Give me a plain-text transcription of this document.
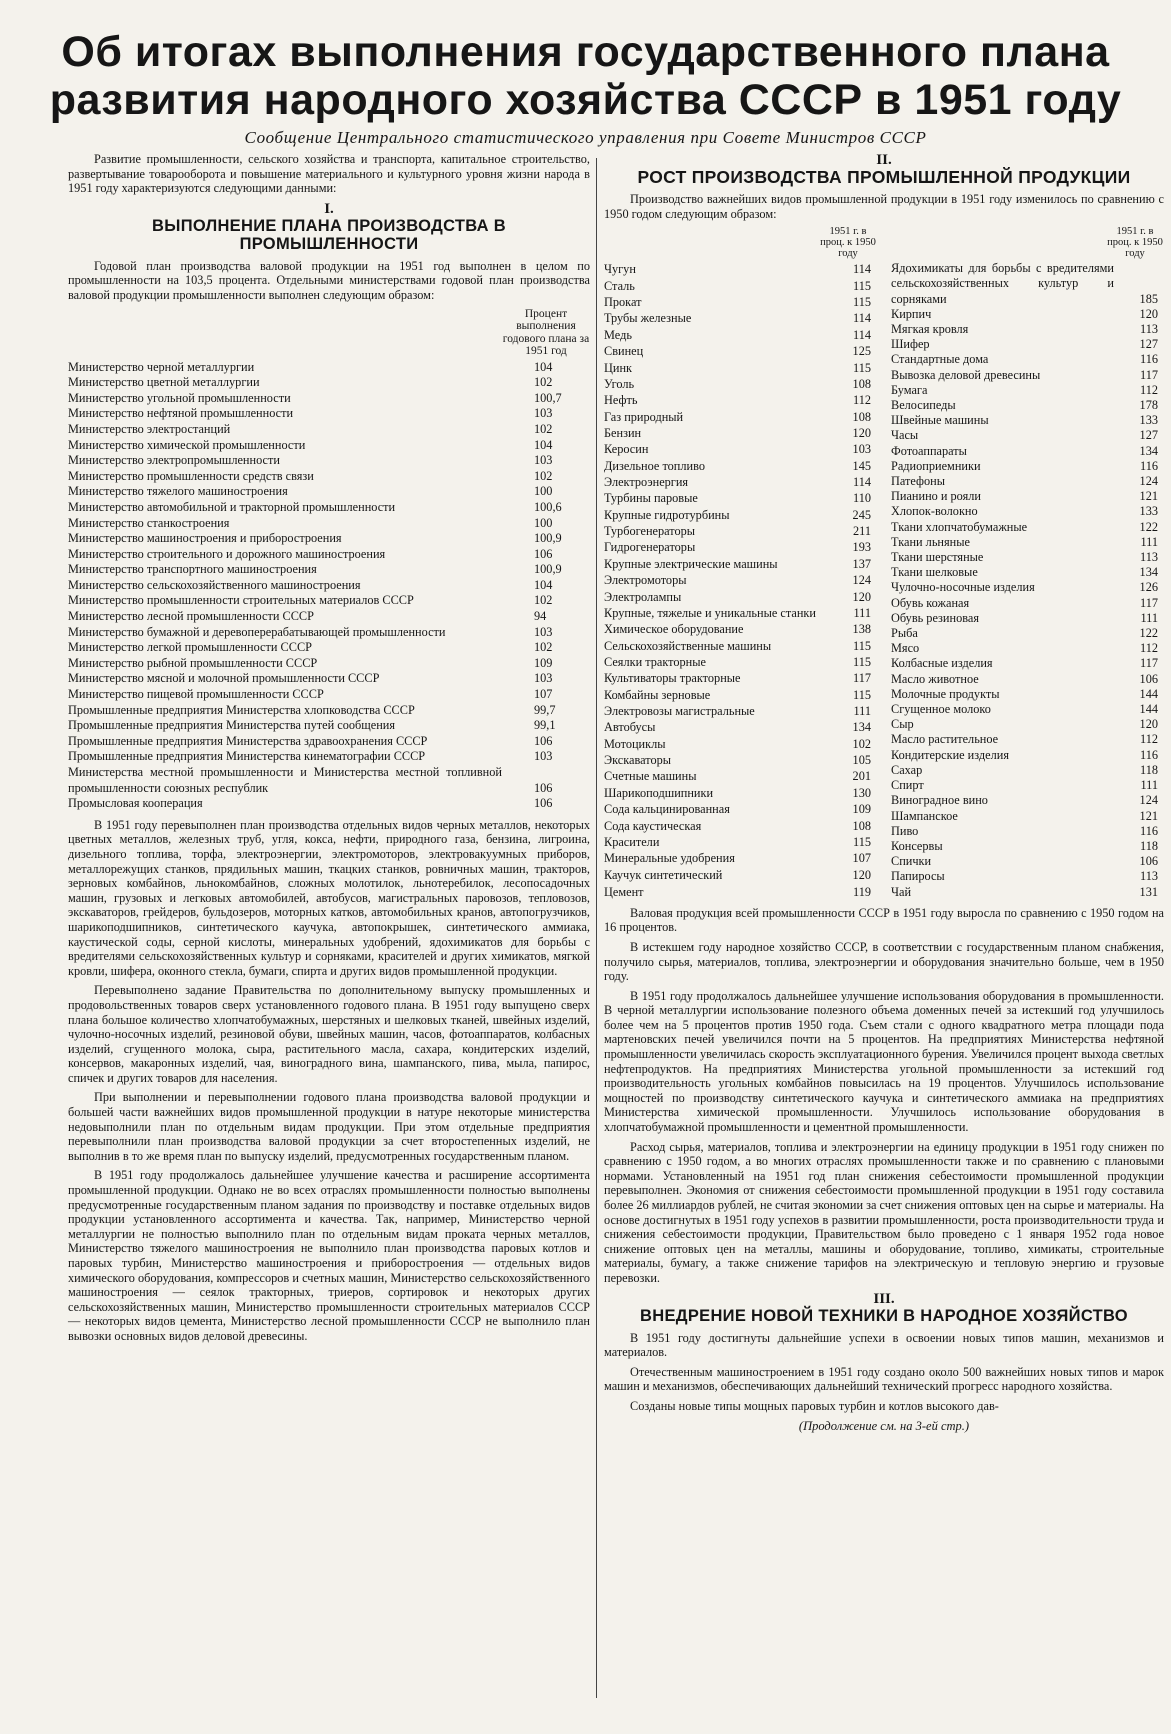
Об итогах выполнения государственного плана
развития народного хозяйства СССР в 1951 году
Сообщение Центрального статистического управления при Совете Министров СССР

Развитие промышленности, сельского хозяйства и транспорта, капитальное строительство, развертывание товарооборота и повышение материального и культурного уровня жизни народа в 1951 году характеризуются следующими данными:

I.
ВЫПОЛНЕНИЕ ПЛАНА ПРОИЗВОДСТВА В ПРОМЫШЛЕННОСТИ

Годовой план производства валовой продукции на 1951 год выполнен в целом по промышленности на 103,5 процента. Отдельными министерствами годовой план производства валовой продукции промышленности выполнен следующим образом:

Процент выполнения годового плана за 1951 год
Министерство черной металлургии	104
Министерство цветной металлургии	102
Министерство угольной промышленности	100,7
Министерство нефтяной промышленности	103
Министерство электростанций	102
Министерство химической промышленности	104
Министерство электропромышленности	103
Министерство промышленности средств связи	102
Министерство тяжелого машиностроения	100
Министерство автомобильной и тракторной промышленности	100,6
Министерство станкостроения	100
Министерство машиностроения и приборостроения	100,9
Министерство строительного и дорожного машиностроения	106
Министерство транспортного машиностроения	100,9
Министерство сельскохозяйственного машиностроения	104
Министерство промышленности строительных материалов СССР	102
Министерство лесной промышленности СССР	94
Министерство бумажной и деревоперерабатывающей промышленности	103
Министерство легкой промышленности СССР	102
Министерство рыбной промышленности СССР	109
Министерство мясной и молочной промышленности СССР	103
Министерство пищевой промышленности СССР	107
Промышленные предприятия Министерства хлопководства СССР	99,7
Промышленные предприятия Министерства путей сообщения	99,1
Промышленные предприятия Министерства здравоохранения СССР	106
Промышленные предприятия Министерства кинематографии СССР	103
Министерства местной промышленности и Министерства местной топливной промышленности союзных республик	106
Промысловая кооперация	106

В 1951 году перевыполнен план производства отдельных видов черных металлов, некоторых цветных металлов, железных труб, угля, кокса, нефти, природного газа, бензина, лигроина, дизельного топлива, торфа, электроэнергии, электромоторов, электровакуумных приборов, металлорежущих станков, прядильных машин, ткацких станков, ровничных машин, тракторов, зерновых комбайнов, льнокомбайнов, сложных молотилок, льнотеребилок, лесопосадочных машин, грузовых и легковых автомобилей, автобусов, магистральных паровозов, тепловозов, экскаваторов, грейдеров, бульдозеров, моторных катков, автомобильных кранов, автопогрузчиков, шарикоподшипников, синтетического каучука, автопокрышек, синтетического аммиака, каустической соды, серной кислоты, минеральных удобрений, ядохимикатов для борьбы с вредителями сельскохозяйственных культур и сорняками, красителей и других химикатов, мягкой кровли, шифера, оконного стекла, бумаги, спирта и других видов промышленной продукции.

Перевыполнено задание Правительства по дополнительному выпуску промышленных и продовольственных товаров сверх установленного годового плана. В 1951 году выпущено сверх плана большое количество хлопчатобумажных, шерстяных и шелковых тканей, швейных изделий, чулочно-носочных изделий, резиновой обуви, швейных машин, часов, фотоаппаратов, колбасных изделий, сгущенного молока, сыра, растительного масла, сахара, кондитерских изделий, консервов, макаронных изделий, чая, виноградного вина, шампанского, пива, мыла, папирос, спичек и других товаров для населения.

При выполнении и перевыполнении годового плана производства валовой продукции и большей части важнейших видов промышленной продукции в натуре некоторые министерства недовыполнили план по отдельным видам продукции. При этом отдельные предприятия перевыполнили план производства валовой продукции за счет второстепенных изделий, не выполнив в то же время план по выпуску изделий, предусмотренных государственным планом.

В 1951 году продолжалось дальнейшее улучшение качества и расширение ассортимента промышленной продукции. Однако не во всех отраслях промышленности полностью выполнены предусмотренные государственным планом задания по производству и поставке отдельных видов продукции установленного ассортимента и качества. Так, например, Министерство черной металлургии не полностью выполнило план по отдельным видам проката черных металлов, Министерство тяжелого машиностроения не выполнило план производства паровых котлов и паровых турбин, Министерство машиностроения и приборостроения — отдельных видов химического оборудования, компрессоров и счетных машин, Министерство сельскохозяйственного машиностроения — сеялок тракторных, триеров, сортировок и некоторых других сельскохозяйственных машин, Министерство промышленности строительных материалов СССР — некоторых видов цемента, Министерство лесной промышленности СССР не выполнило план вывозки основных видов деловой древесины.

II.
РОСТ ПРОИЗВОДСТВА ПРОМЫШЛЕННОЙ ПРОДУКЦИИ

Производство важнейших видов промышленной продукции в 1951 году изменилось по сравнению с 1950 годом следующим образом:

1951 г. в проц. к 1950 году
1951 г. в проц. к 1950 году
Чугун	114
Сталь	115
Прокат	115
Трубы железные	114
Медь	114
Свинец	125
Цинк	115
Уголь	108
Нефть	112
Газ природный	108
Бензин	120
Керосин	103
Дизельное топливо	145
Электроэнергия	114
Турбины паровые	110
Крупные гидротурбины	245
Турбогенераторы	211
Гидрогенераторы	193
Крупные электрические машины	137
Электромоторы	124
Электролампы	120
Крупные, тяжелые и уникальные станки	111
Химическое оборудование	138
Сельскохозяйственные машины	115
Сеялки тракторные	115
Культиваторы тракторные	117
Комбайны зерновые	115
Электровозы магистральные	111
Автобусы	134
Мотоциклы	102
Экскаваторы	105
Счетные машины	201
Шарикоподшипники	130
Сода кальцинированная	109
Сода каустическая	108
Красители	115
Минеральные удобрения	107
Каучук синтетический	120
Цемент	119
Ядохимикаты для борьбы с вредителями сельскохозяйственных культур и сорняками	185
Кирпич	120
Мягкая кровля	113
Шифер	127
Стандартные дома	116
Вывозка деловой древесины	117
Бумага	112
Велосипеды	178
Швейные машины	133
Часы	127
Фотоаппараты	134
Радиоприемники	116
Патефоны	124
Пианино и рояли	121
Хлопок-волокно	133
Ткани хлопчатобумажные	122
Ткани льняные	111
Ткани шерстяные	113
Ткани шелковые	134
Чулочно-носочные изделия	126
Обувь кожаная	117
Обувь резиновая	111
Рыба	122
Мясо	112
Колбасные изделия	117
Масло животное	106
Молочные продукты	144
Сгущенное молоко	144
Сыр	120
Масло растительное	112
Кондитерские изделия	116
Сахар	118
Спирт	111
Виноградное вино	124
Шампанское	121
Пиво	116
Консервы	118
Спички	106
Папиросы	113
Чай	131

Валовая продукция всей промышленности СССР в 1951 году выросла по сравнению с 1950 годом на 16 процентов.

В истекшем году народное хозяйство СССР, в соответствии с государственным планом снабжения, получило сырья, материалов, топлива, электроэнергии и оборудования значительно больше, чем в 1950 году.

В 1951 году продолжалось дальнейшее улучшение использования оборудования в промышленности. В черной металлургии использование полезного объема доменных печей за истекший год улучшилось более чем на 5 процентов против 1950 года. Съем стали с одного квадратного метра площади пода мартеновских печей увеличился почти на 5 процентов. На предприятиях Министерства нефтяной промышленности увеличилась скорость эксплуатационного бурения. Увеличился процент выхода светлых нефтепродуктов. На предприятиях Министерства угольной промышленности за истекший год производительность угольных комбайнов повысилась на 19 процентов. Улучшилось использование мощностей по производству синтетического каучука и синтетического аммиака на предприятиях Министерства химической промышленности. Улучшилось использование оборудования в хлопчатобумажной промышленности и цементной промышленности.

Расход сырья, материалов, топлива и электроэнергии на единицу продукции в 1951 году снижен по сравнению с 1950 годом, а во многих отраслях промышленности также и по сравнению с плановыми нормами. Установленный на 1951 год план снижения себестоимости промышленной продукции перевыполнен. Экономия от снижения себестоимости промышленной продукции в 1951 году составила более 26 миллиардов рублей, не считая экономии за счет снижения оптовых цен на сырье и материалы. На основе достигнутых в 1951 году успехов в развитии промышленности, роста производительности труда и снижения себестоимости продукции, Правительством было проведено с 1 января 1952 года новое снижение оптовых цен на металлы, машины и оборудование, топливо, химикаты, строительные материалы, бумагу, а также снижение тарифов на электрическую и тепловую энергию и грузовые перевозки.

III.
ВНЕДРЕНИЕ НОВОЙ ТЕХНИКИ В НАРОДНОЕ ХОЗЯЙСТВО

В 1951 году достигнуты дальнейшие успехи в освоении новых типов машин, механизмов и материалов.

Отечественным машиностроением в 1951 году создано около 500 важнейших новых типов и марок машин и механизмов, обеспечивающих дальнейший технический прогресс народного хозяйства.

Созданы новые типы мощных паровых турбин и котлов высокого дав-

(Продолжение см. на 3-ей стр.)
